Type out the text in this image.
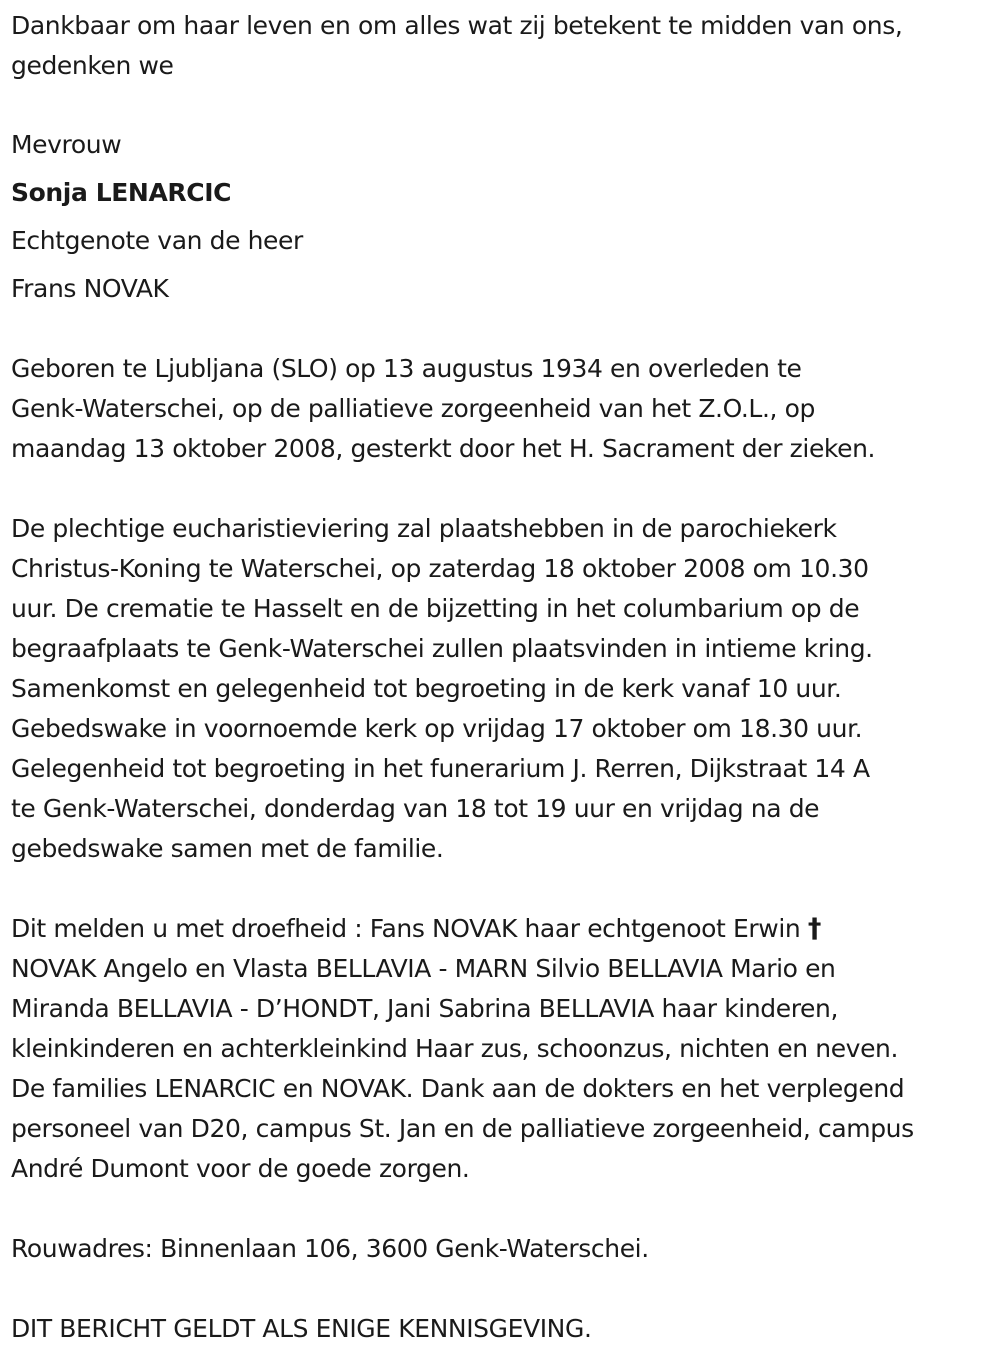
Dankbaar om haar leven en om alles wat zij betekent te midden van ons,
gedenken we
Mevrouw
Sonja LENARCIC
Echtgenote van de heer
Frans NOVAK
Geboren te Ljubljana (SLO) op 13 augustus 1934 en overleden te
Genk-Waterschei, op de palliatieve zorgeenheid van het Z.O.L., op
maandag 13 oktober 2008, gesterkt door het H. Sacrament der zieken.
De plechtige eucharistieviering zal plaatshebben in de parochiekerk
Christus-Koning te Waterschei, op zaterdag 18 oktober 2008 om 10.30
uur. De crematie te Hasselt en de bijzetting in het columbarium op de
begraafplaats te Genk-Waterschei zullen plaatsvinden in intieme kring.
Samenkomst en gelegenheid tot begroeting in de kerk vanaf 10 uur.
Gebedswake in voornoemde kerk op vrijdag 17 oktober om 18.30 uur.
Gelegenheid tot begroeting in het funerarium J. Rerren, Dijkstraat 14 A
te Genk-Waterschei, donderdag van 18 tot 19 uur en vrijdag na de
gebedswake samen met de familie.
Dit melden u met droefheid : Fans NOVAK haar echtgenoot Erwin †
NOVAK Angelo en Vlasta BELLAVIA - MARN Silvio BELLAVIA Mario en
Miranda BELLAVIA - D’HONDT, Jani Sabrina BELLAVIA haar kinderen,
kleinkinderen en achterkleinkind Haar zus, schoonzus, nichten en neven.
De families LENARCIC en NOVAK. Dank aan de dokters en het verplegend
personeel van D20, campus St. Jan en de palliatieve zorgeenheid, campus
André Dumont voor de goede zorgen.
Rouwadres: Binnenlaan 106, 3600 Genk-Waterschei.
DIT BERICHT GELDT ALS ENIGE KENNISGEVING.
